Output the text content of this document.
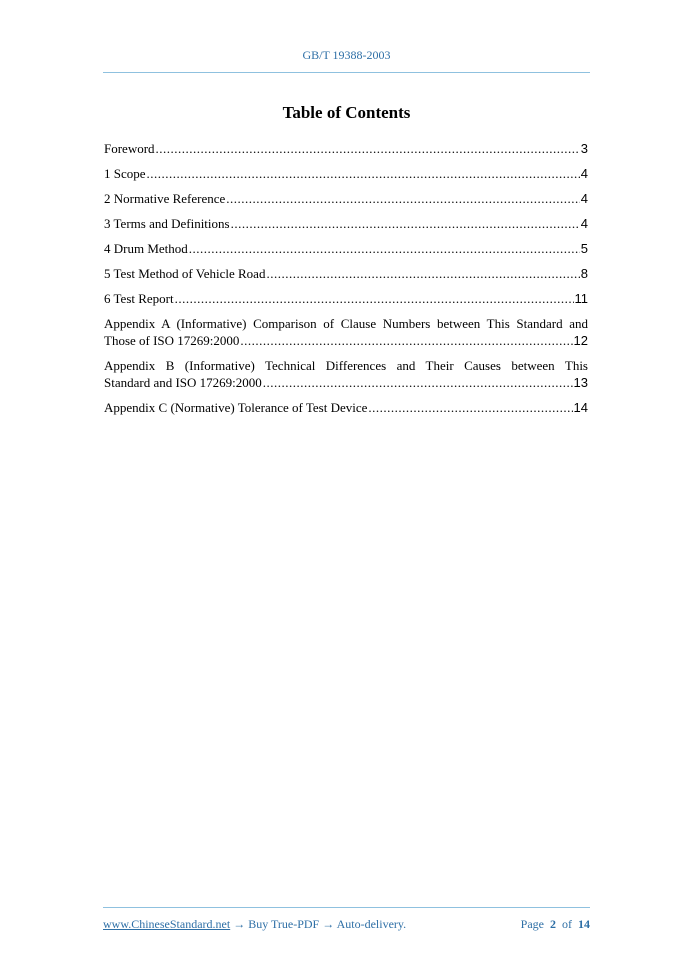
GB/T 19388-2003
Table of Contents
Foreword .....	3
1 Scope .....	4
2 Normative Reference .....	4
3 Terms and Definitions .....	4
4 Drum Method .....	5
5 Test Method of Vehicle Road .....	8
6 Test Report .....	11
Appendix A (Informative) Comparison of Clause Numbers between This Standard and
Those of ISO 17269:2000 .....	12
Appendix B (Informative) Technical Differences and Their Causes between This
Standard and ISO 17269:2000 .....	13
Appendix C (Normative) Tolerance of Test Device .....	14
www.ChineseStandard.net → Buy True-PDF → Auto-delivery.	Page 2 of 14
